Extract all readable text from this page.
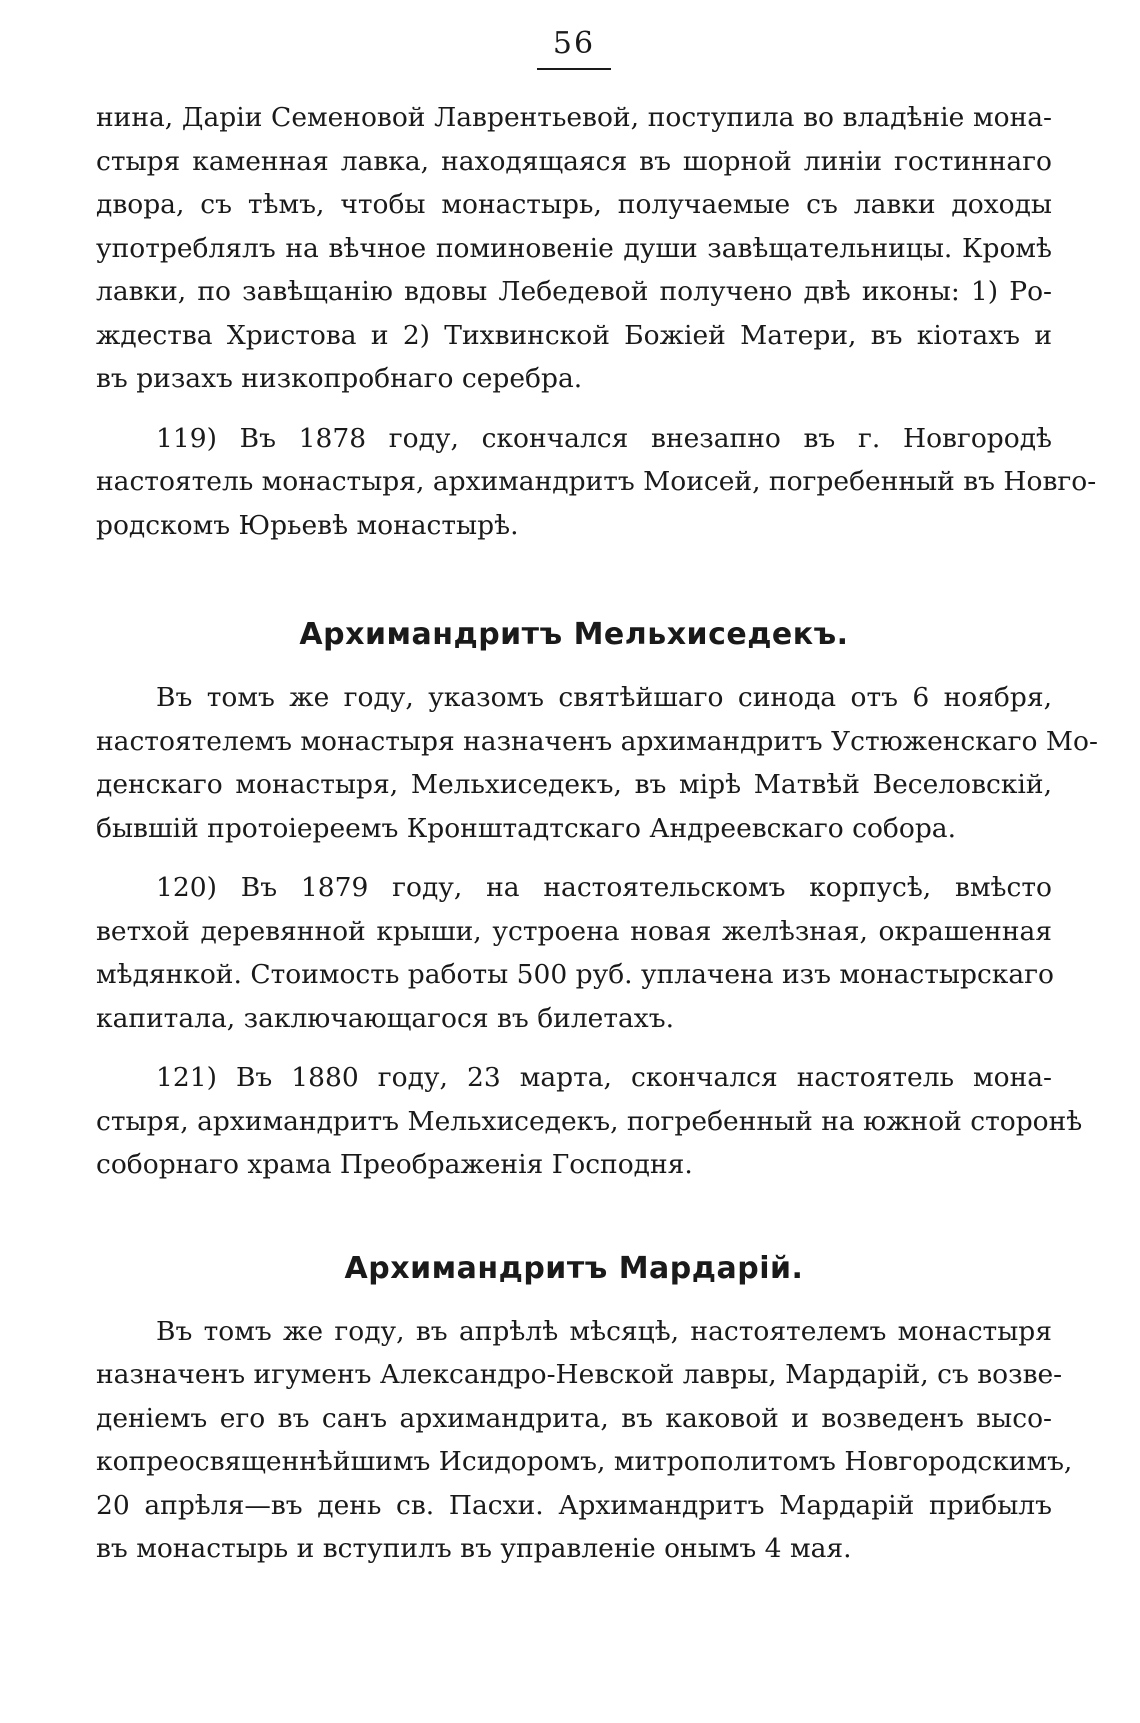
56

нина, Даріи Семеновой Лаврентьевой, поступила во владѣніе мона-
стыря каменная лавка, находящаяся въ шорной линіи гостиннаго
двора, съ тѣмъ, чтобы монастырь, получаемые съ лавки доходы
употреблялъ на вѣчное поминовеніе души завѣщательницы. Кромѣ
лавки, по завѣщанію вдовы Лебедевой получено двѣ иконы: 1) Ро-
ждества Христова и 2) Тихвинской Божіей Матери, въ кіотахъ и
въ ризахъ низкопробнаго серебра.

119) Въ 1878 году, скончался внезапно въ г. Новгородѣ
настоятель монастыря, архимандритъ Моисей, погребенный въ Новго-
родскомъ Юрьевѣ монастырѣ.

Архимандритъ Мельхиседекъ.

Въ томъ же году, указомъ святѣйшаго синода отъ 6 ноября,
настоятелемъ монастыря назначенъ архимандритъ Устюженскаго Мо-
денскаго монастыря, Мельхиседекъ, въ мірѣ Матвѣй Веселовскій,
бывшій протоіереемъ Кронштадтскаго Андреевскаго собора.

120) Въ 1879 году, на настоятельскомъ корпусѣ, вмѣсто
ветхой деревянной крыши, устроена новая желѣзная, окрашенная
мѣдянкой. Стоимость работы 500 руб. уплачена изъ монастырскаго
капитала, заключающагося въ билетахъ.

121) Въ 1880 году, 23 марта, скончался настоятель мона-
стыря, архимандритъ Мельхиседекъ, погребенный на южной сторонѣ
соборнаго храма Преображенія Господня.

Архимандритъ Мардарій.

Въ томъ же году, въ апрѣлѣ мѣсяцѣ, настоятелемъ монастыря
назначенъ игуменъ Александро-Невской лавры, Мардарій, съ возве-
деніемъ его въ санъ архимандрита, въ каковой и возведенъ высо-
копреосвященнѣйшимъ Исидоромъ, митрополитомъ Новгородскимъ,
20 апрѣля—въ день св. Пасхи. Архимандритъ Мардарій прибылъ
въ монастырь и вступилъ въ управленіе онымъ 4 мая.
